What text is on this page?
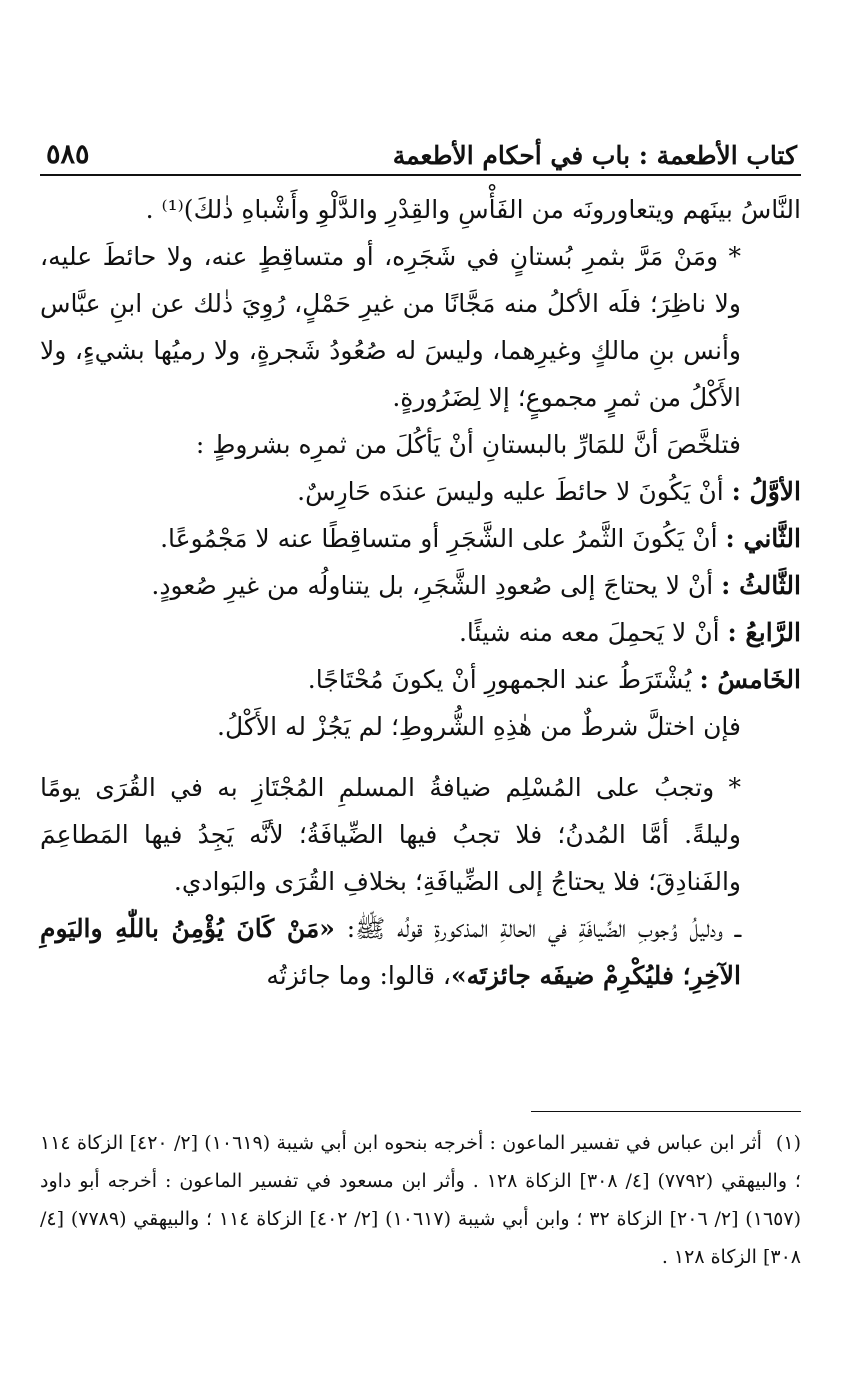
٥٨٥	كتاب الأطعمة : باب في أحكام الأطعمة

النَّاسُ بينَهم ويتعاورونَه من الفَأْسِ والقِدْرِ والدَّلْوِ وأَشْباهِ ذٰلكَ)⁽¹⁾ .

* ومَنْ مَرَّ بثمرِ بُستانٍ في شَجَرِه، أو متساقِطٍ عنه، ولا حائطَ عليه، ولا ناظِرَ؛ فلَه الأكلُ منه مَجَّانًا من غيرِ حَمْلٍ، رُوِيَ ذٰلك عن ابنِ عبَّاس وأنس بنِ مالكٍ وغيرِهما، وليسَ له صُعُودُ شَجرةٍ، ولا رميُها بشيءٍ، ولا الأَكْلُ من ثمرٍ مجموعٍ؛ إلا لِضَرُورةٍ.

فتلخَّصَ أنَّ للمَارِّ بالبستانِ أنْ يَأكُلَ من ثمرِه بشروطٍ :

الأوَّلُ : أنْ يَكُونَ لا حائطَ عليه وليسَ عندَه حَارِسٌ.

الثَّاني : أنْ يَكُونَ الثَّمرُ على الشَّجَرِ أو متساقِطًا عنه لا مَجْمُوعًا.

الثَّالثُ : أنْ لا يحتاجَ إلى صُعودِ الشَّجَرِ، بل يتناولُه من غيرِ صُعودٍ.

الرَّابعُ : أنْ لا يَحمِلَ معه منه شيئًا.

الخَامسُ : يُشْتَرَطُ عند الجمهورِ أنْ يكونَ مُحْتَاجًا.

فإن اختلَّ شرطٌ من هٰذِهِ الشُّروطِ؛ لم يَجُزْ له الأَكْلُ.

* وتجبُ على المُسْلِم ضيافةُ المسلمِ المُجْتَازِ به في القُرَى يومًا وليلةً. أمَّا المُدنُ؛ فلا تجبُ فيها الضِّيافَةُ؛ لأنَّه يَجِدُ فيها المَطاعِمَ والفَنادِقَ؛ فلا يحتاجُ إلى الضِّيافَةِ؛ بخلافِ القُرَى والبَوادي.

ــ ودليلُ وُجوبِ الضِّيافَةِ في الحالةِ المذكورةِ قولُه ﷺ: «مَنْ كَانَ يُؤْمِنُ باللّٰهِ واليَومِ الآخِرِ؛ فليُكْرِمْ ضيفَه جائزتَه»، قالوا: وما جائزتُه

(١)أثر ابن عباس في تفسير الماعون : أخرجه بنحوه ابن أبي شيبة (١٠٦١٩) [٢/ ٤٢٠] الزكاة ١١٤ ؛ والبيهقي (٧٧٩٢) [٤/ ٣٠٨] الزكاة ١٢٨ . وأثر ابن مسعود في تفسير الماعون : أخرجه أبو داود (١٦٥٧) [٢/ ٢٠٦] الزكاة ٣٢ ؛ وابن أبي شيبة (١٠٦١٧) [٢/ ٤٠٢] الزكاة ١١٤ ؛ والبيهقي (٧٧٨٩) [٤/ ٣٠٨] الزكاة ١٢٨ .
